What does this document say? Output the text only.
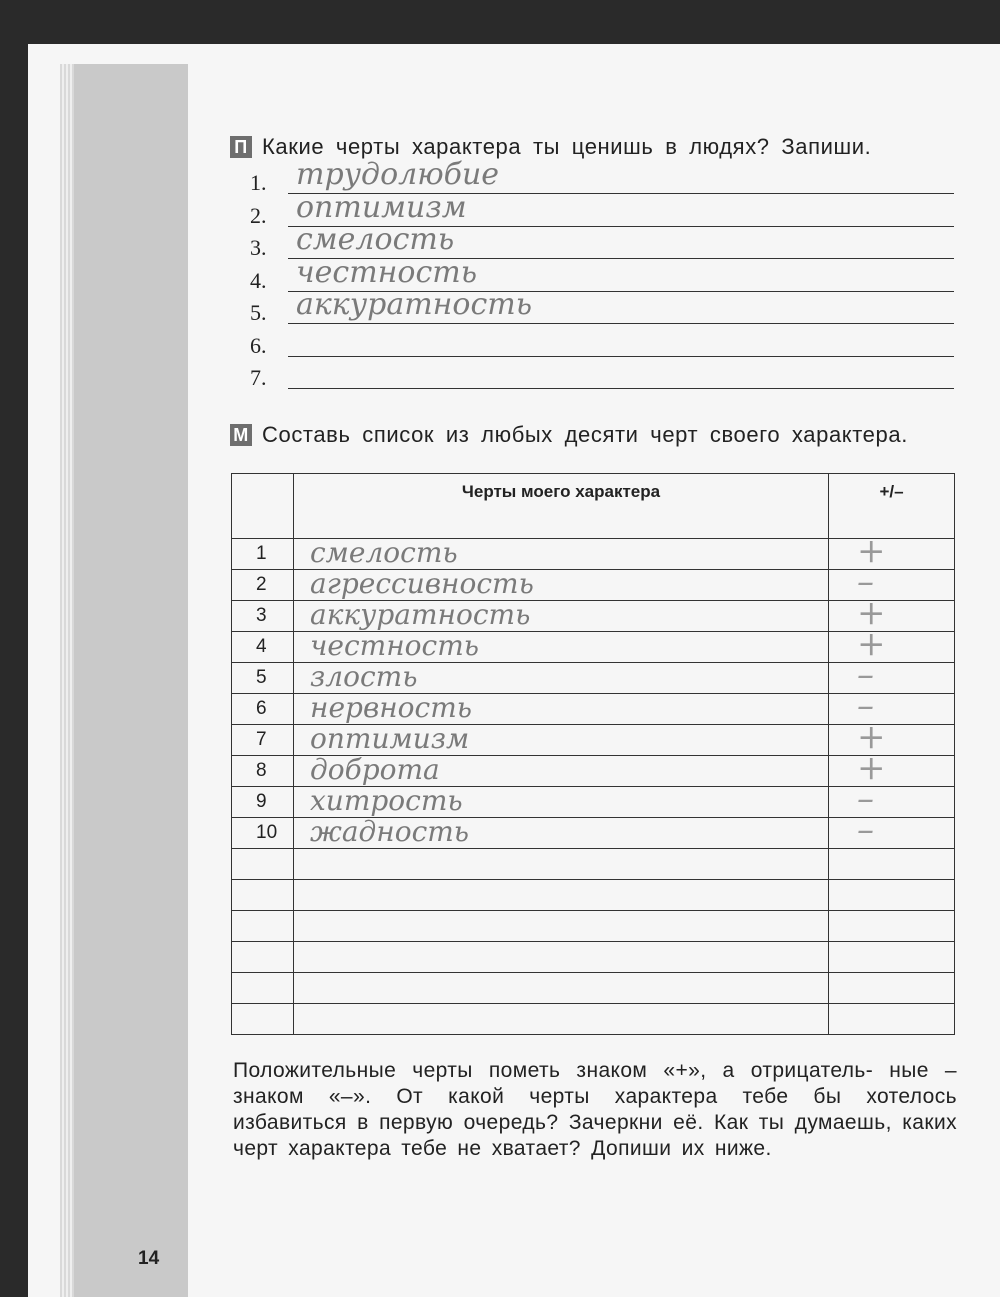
П Какие черты характера ты ценишь в людях? Запиши.
1. трудолюбие
2. оптимизм
3. смелость
4. честность
5. аккуратность
6.
7.
М Составь список из любых десяти черт своего характера.
	Черты моего характера	+/–
1	смелость	+

2	агрессивность	–

3	аккуратность	+

4	честность	+

5	злость	–

6	нервность	–

7	оптимизм	+

8	доброта	+

9	хитрость	–

10	жадность	–

Положительные черты пометь знаком «+», а отрицатель- ные – знаком «–». От какой черты характера тебе бы хотелось избавиться в первую очередь? Зачеркни её. Как ты думаешь, каких черт характера тебе не хватает? Допиши их ниже.
14
